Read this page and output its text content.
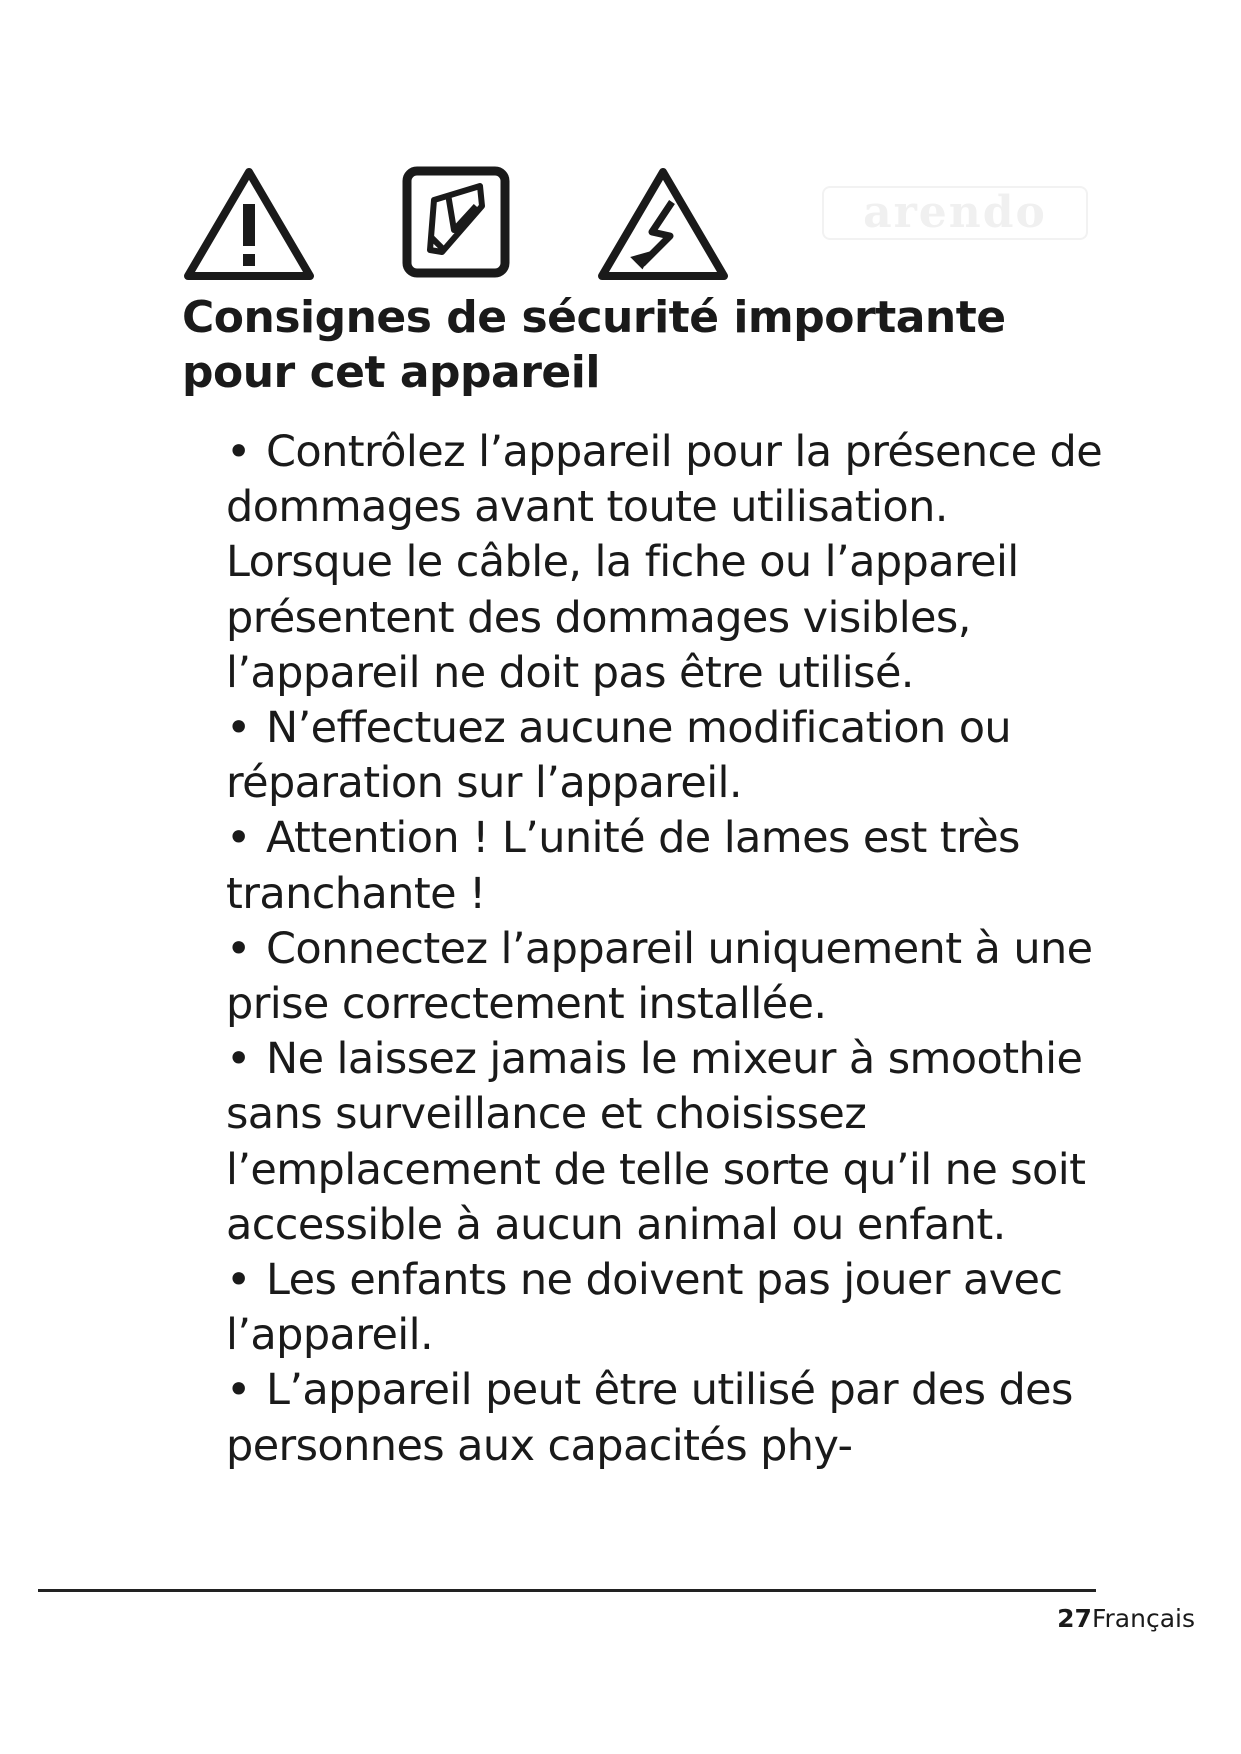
arendo
Consignes de sécurité importante pour cet appareil
• Contrôlez l’appareil pour la présence de dommages avant toute utilisation. Lorsque le câble, la fiche ou l’appareil présentent des dommages visibles, l’appareil ne doit pas être utilisé.
• N’effectuez aucune modification ou réparation sur l’appareil.
• Attention ! L’unité de lames est très tranchante !
• Connectez l’appareil uniquement à une prise correctement installée.
• Ne laissez jamais le mixeur à smoothie sans surveillance et choisissez l’emplacement de telle sorte qu’il ne soit accessible à aucun animal ou enfant.
• Les enfants ne doivent pas jouer avec l’appareil.
• L’appareil peut être utilisé par des des personnes aux capacités phy-
27Français
